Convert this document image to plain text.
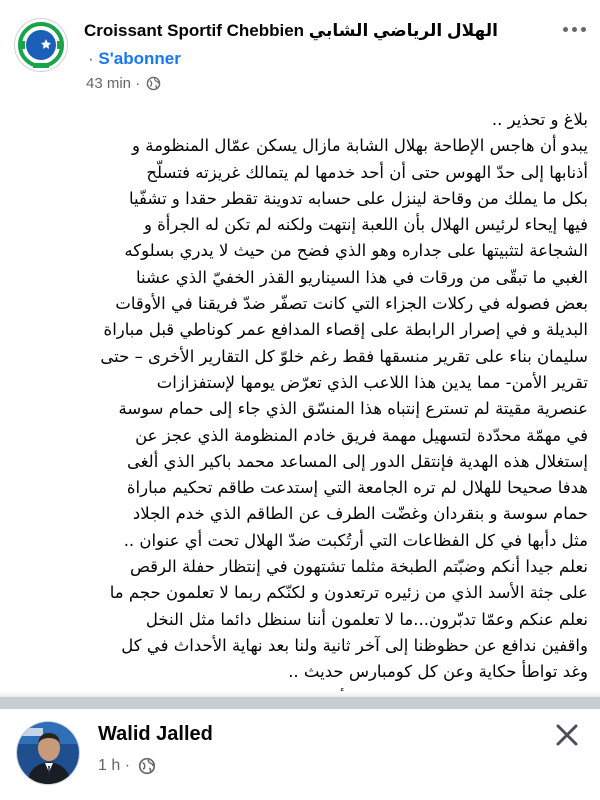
Croissant Sportif Chebbien الهلال الرياضي الشابي
· S'abonner
43 min ·
بلاغ و تحذير ..
يبدو أن هاجس الإطاحة بهلال الشابة مازال يسكن عمّال المنظومة و
أذنابها إلى حدّ الهوس حتى أن أحد خدمها لم يتمالك غريزته فتسلّح
بكل ما يملك من وقاحة لينزل على حسابه تدوينة تقطر حقدا و تشفّيا
فيها إيحاء لرئيس الهلال بأن اللعبة إنتهت ولكنه لم تكن له الجرأة و
الشجاعة لتثبيتها على جداره وهو الذي فضح من حيث لا يدري بسلوكه
الغبي ما تبقّى من ورقات في هذا السيناريو القذر الخفيّ الذي عشنا
بعض فصوله في ركلات الجزاء التي كانت تصفّر ضدّ فريقنا في الأوقات
البديلة و في إصرار الرابطة على إقصاء المدافع عمر كوناطي قبل مباراة
سليمان بناء على تقرير منسقها فقط رغم خلوّ كل التقارير الأخرى – حتى
تقرير الأمن- مما يدين هذا اللاعب الذي تعرّض يومها لإستفزازات
عنصرية مقيتة لم تسترع إنتباه هذا المنسّق الذي جاء إلى حمام سوسة
في مهمّة محدّدة لتسهيل مهمة فريق خادم المنظومة الذي عجز عن
إستغلال هذه الهدية فإنتقل الدور إلى المساعد محمد باكير الذي ألغى
هدفا صحيحا للهلال لم تره الجامعة التي إستدعت طاقم تحكيم مباراة
حمام سوسة و بنقردان وغضّت الطرف عن الطاقم الذي خدم الجلاد
مثل دأبها في كل الفظاعات التي أرتُكبت ضدّ الهلال تحت أي عنوان ..
نعلم جيدا أنكم وضبّتم الطبخة مثلما تشتهون في إنتظار حفلة الرقص
على جثة الأسد الذي من زئيره ترتعدون و لكنّكم ربما لا تعلمون حجم ما
نعلم عنكم وعمّا تدبّرون...ما لا تعلمون أننا سنظل دائما مثل النخل
واقفين ندافع عن حظوظنا إلى آخر ثانية ولنا بعد نهاية الأحداث في كل
وغد تواطأ حكاية وعن كل كومبارس حديث ..
Walid Jalled
1 h ·
